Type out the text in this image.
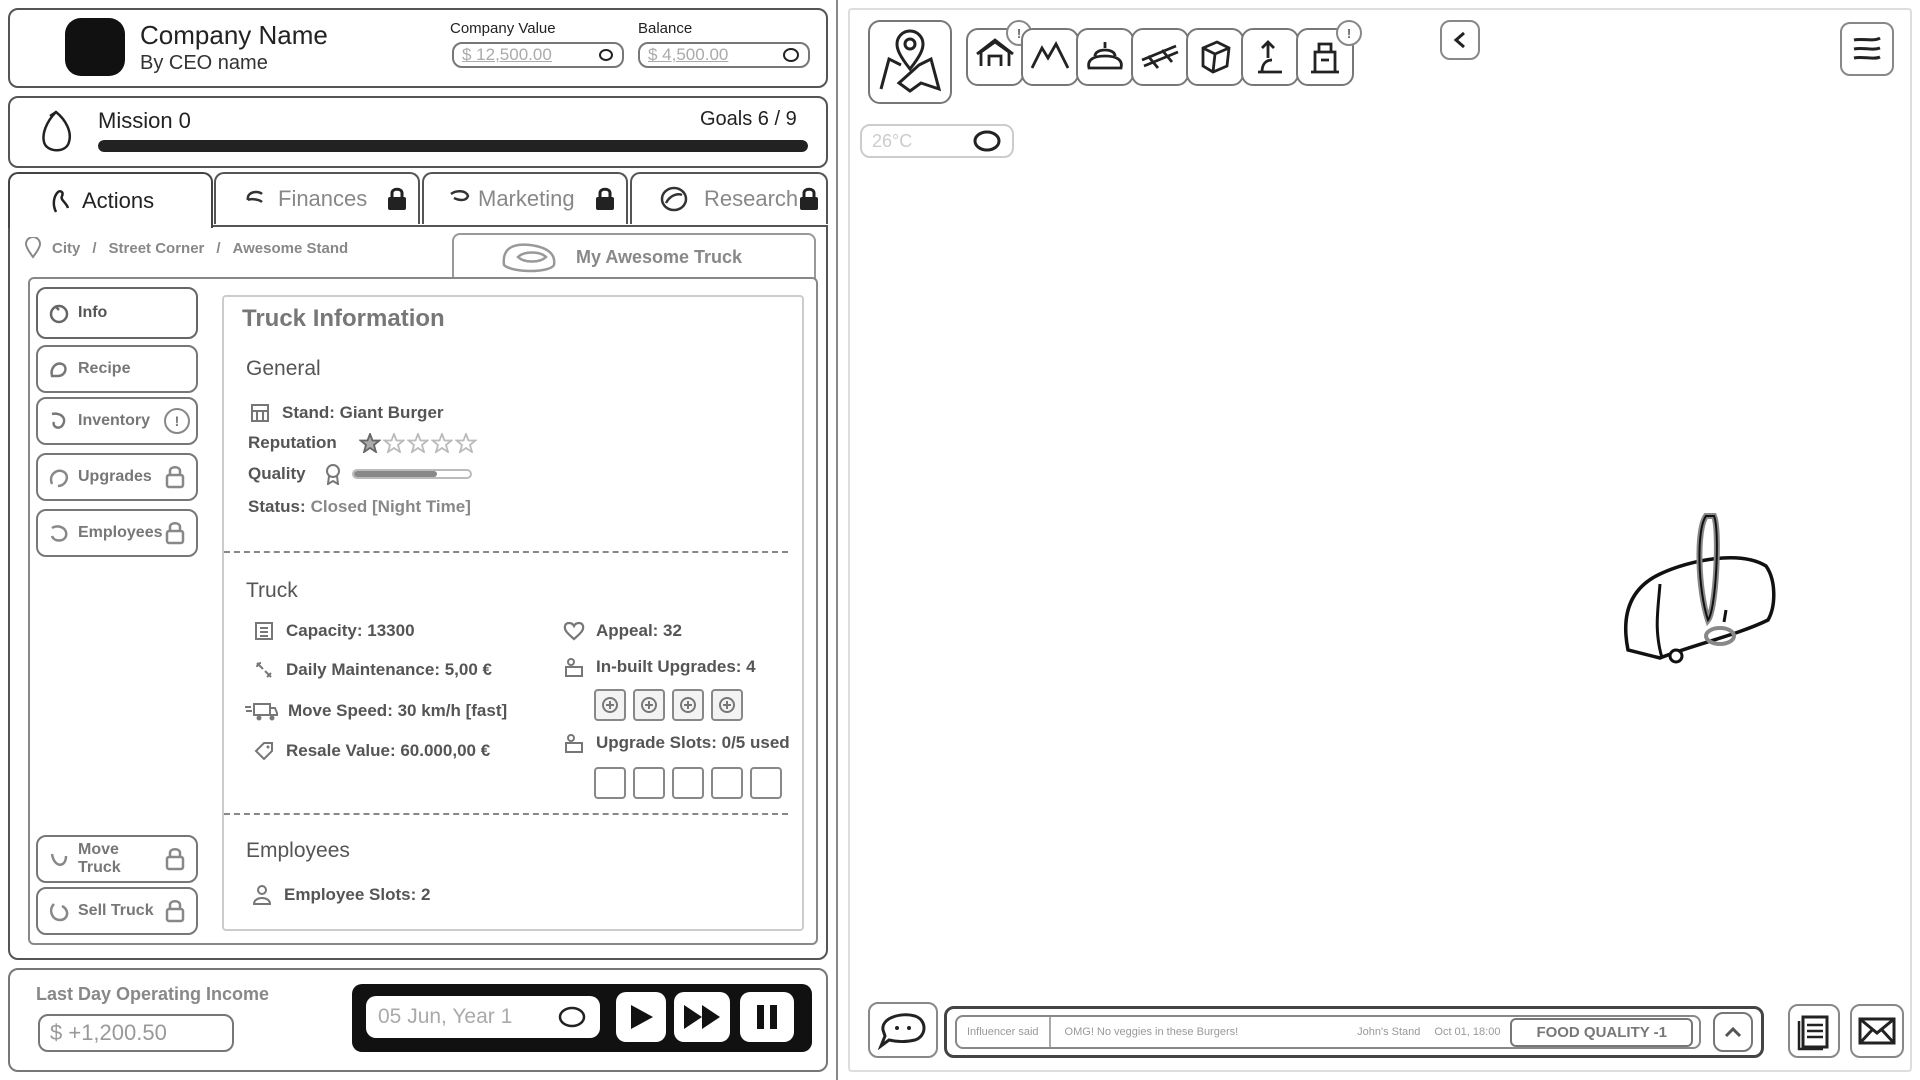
Company Name
By CEO name
Company Value
$ 12,500.00
Balance
$ 4,500.00
Mission 0	Goals 6 / 9
Actions	Finances	Marketing	Research
City / Street Corner / Awesome Stand	My Awesome Truck
Info
Recipe
Inventory	!
Upgrades
Employees
Move Truck
Sell Truck
Truck Information
General
Stand: Giant Burger
Reputation
Quality
Status: Closed [Night Time]
Truck
Capacity: 13300
Daily Maintenance: 5,00 €
Move Speed: 30 km/h [fast]
Resale Value: 60.000,00 €
Appeal: 32
In-built Upgrades: 4
Upgrade Slots: 0/5 used
Employees
Employee Slots: 2
Last Day Operating Income
$ +1,200.50
05 Jun, Year 1
26°C
Influencer said	OMG! No veggies in these Burgers!	John's Stand Oct 01, 18:00	FOOD QUALITY -1
!	!
